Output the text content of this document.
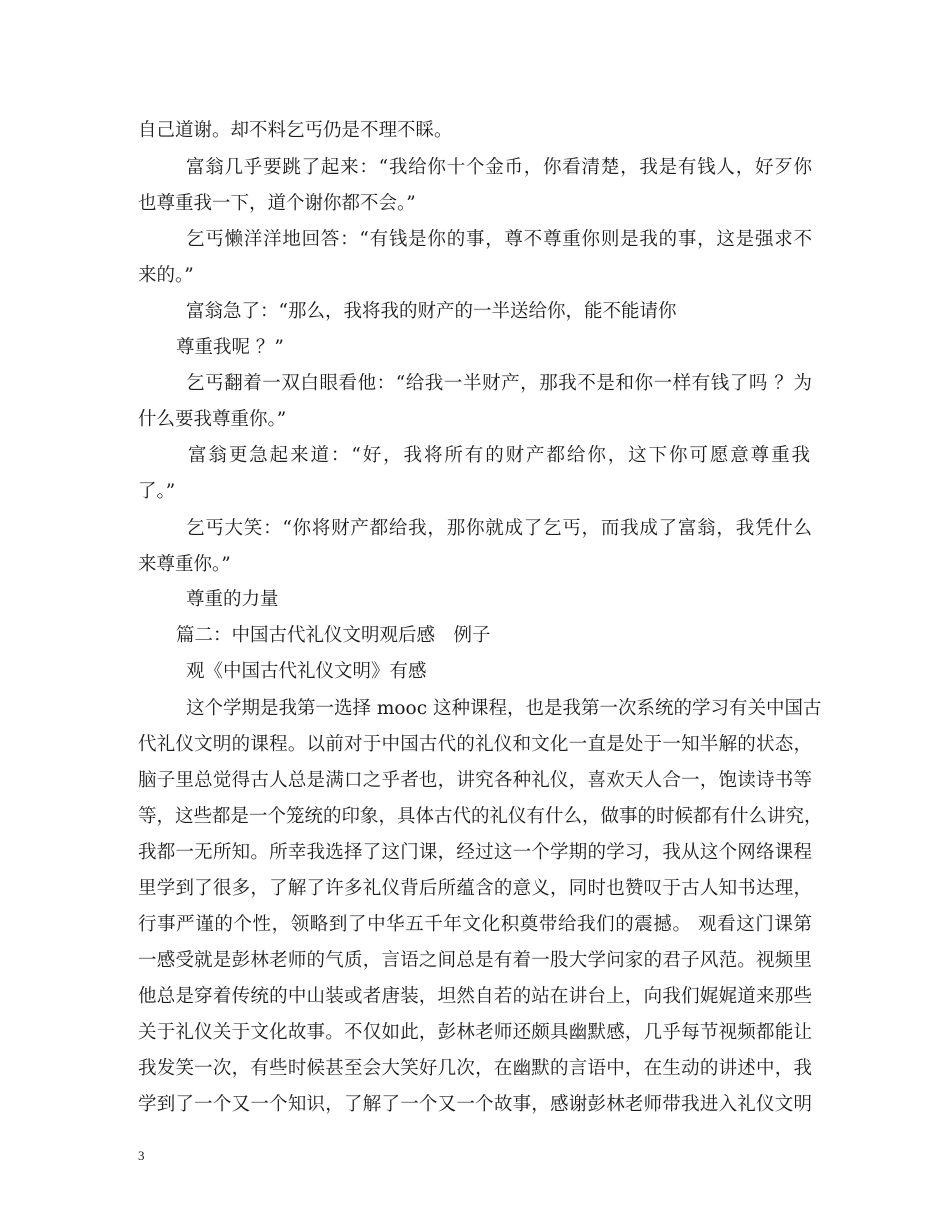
自己道谢。却不料乞丐仍是不理不睬。
富翁几乎要跳了起来：“我给你十个金币，你看清楚，我是有钱人，好歹你
也尊重我一下，道个谢你都不会。”
乞丐懒洋洋地回答：“有钱是你的事，尊不尊重你则是我的事，这是强求不
来的。”
富翁急了：“那么，我将我的财产的一半送给你，能不能请你
尊重我呢 ？”
乞丐翻着一双白眼看他：“给我一半财产，那我不是和你一样有钱了吗 ？为
什么要我尊重你。”
富翁更急起来道：“好，我将所有的财产都给你，这下你可愿意尊重我
了。”
乞丐大笑：“你将财产都给我，那你就成了乞丐，而我成了富翁，我凭什么
来尊重你。”
尊重的力量
篇二：中国古代礼仪文明观后感　例子
观《中国古代礼仪文明》有感
这个学期是我第一选择 mooc 这种课程，也是我第一次系统的学习有关中国古
代礼仪文明的课程。以前对于中国古代的礼仪和文化一直是处于一知半解的状态，
脑子里总觉得古人总是满口之乎者也，讲究各种礼仪，喜欢天人合一，饱读诗书等
等，这些都是一个笼统的印象，具体古代的礼仪有什么，做事的时候都有什么讲究，
我都一无所知。所幸我选择了这门课，经过这一个学期的学习，我从这个网络课程
里学到了很多，了解了许多礼仪背后所蕴含的意义，同时也赞叹于古人知书达理，
行事严谨的个性，领略到了中华五千年文化积奠带给我们的震撼。 观看这门课第
一感受就是彭林老师的气质，言语之间总是有着一股大学问家的君子风范。视频里
他总是穿着传统的中山装或者唐装，坦然自若的站在讲台上，向我们娓娓道来那些
关于礼仪关于文化故事。不仅如此，彭林老师还颇具幽默感，几乎每节视频都能让
我发笑一次，有些时候甚至会大笑好几次，在幽默的言语中，在生动的讲述中，我
学到了一个又一个知识，了解了一个又一个故事，感谢彭林老师带我进入礼仪文明
3
